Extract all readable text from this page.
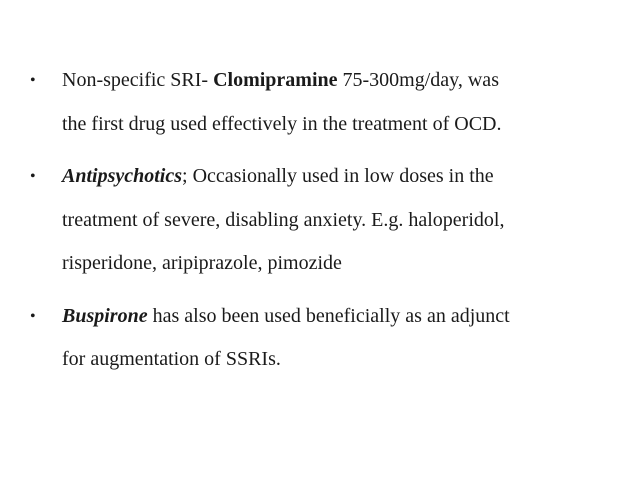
•	Non-specific SRI- Clomipramine 75-300mg/day, was
the first drug used effectively in the treatment of OCD.
•	Antipsychotics; Occasionally used in low doses in the
treatment of severe, disabling anxiety. E.g. haloperidol,
risperidone, aripiprazole, pimozide
•	Buspirone has also been used beneficially as an adjunct
for augmentation of SSRIs.
